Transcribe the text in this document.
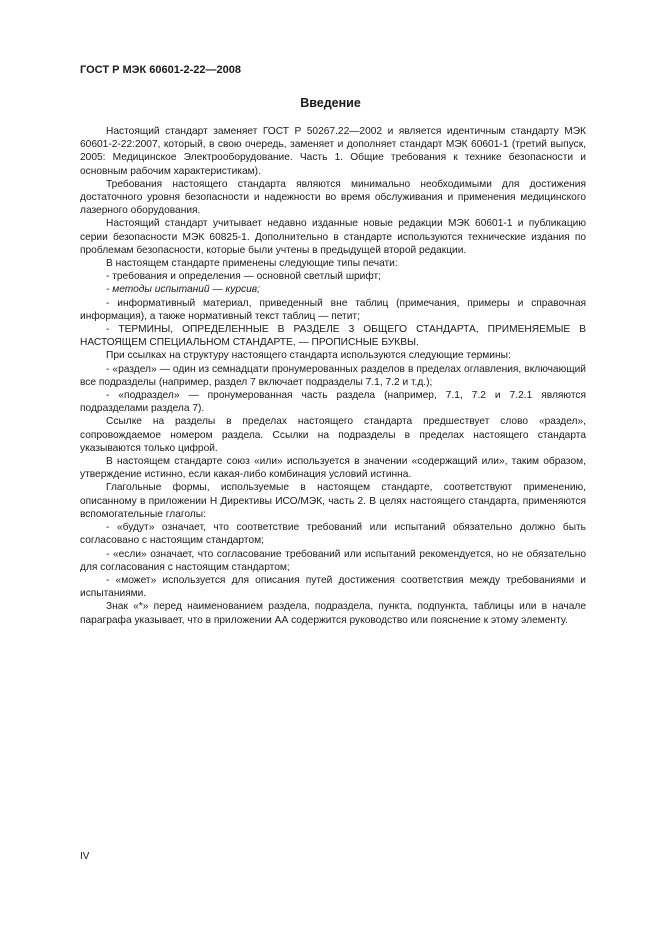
ГОСТ Р МЭК 60601-2-22—2008
Введение

Настоящий стандарт заменяет ГОСТ Р 50267.22—2002 и является идентичным стандарту МЭК 60601-2-22:2007, который, в свою очередь, заменяет и дополняет стандарт МЭК 60601-1 (третий выпуск, 2005: Медицинское Электрооборудование. Часть 1. Общие требования к технике безопасности и основным рабочим характеристикам).

Требования настоящего стандарта являются минимально необходимыми для достижения достаточного уровня безопасности и надежности во время обслуживания и применения медицинского лазерного оборудования.

Настоящий стандарт учитывает недавно изданные новые редакции МЭК 60601-1 и публикацию серии безопасности МЭК 60825-1. Дополнительно в стандарте используются технические издания по проблемам безопасности, которые были учтены в предыдущей второй редакции.

В настоящем стандарте применены следующие типы печати:

- требования и определения — основной светлый шрифт;

- методы испытаний — курсив;

- информативный материал, приведенный вне таблиц (примечания, примеры и справочная информация), а также нормативный текст таблиц — петит;

- ТЕРМИНЫ, ОПРЕДЕЛЕННЫЕ В РАЗДЕЛЕ 3 ОБЩЕГО СТАНДАРТА, ПРИМЕНЯЕМЫЕ В НАСТОЯЩЕМ СПЕЦИАЛЬНОМ СТАНДАРТЕ, — ПРОПИСНЫЕ БУКВЫ.

При ссылках на структуру настоящего стандарта используются следующие термины:

- «раздел» — один из семнадцати пронумерованных разделов в пределах оглавления, включающий все подразделы (например, раздел 7 включает подразделы 7.1, 7.2 и т.д.);

- «подраздел» — пронумерованная часть раздела (например, 7.1, 7.2 и 7.2.1 являются подразделами раздела 7).

Ссылке на разделы в пределах настоящего стандарта предшествует слово «раздел», сопровождаемое номером раздела. Ссылки на подразделы в пределах настоящего стандарта указываются только цифрой.

В настоящем стандарте союз «или» используется в значении «содержащий или», таким образом, утверждение истинно, если какая-либо комбинация условий истинна.

Глагольные формы, используемые в настоящем стандарте, соответствуют применению, описанному в приложении Н Директивы ИСО/МЭК, часть 2. В целях настоящего стандарта, применяются вспомогательные глаголы:

- «будут» означает, что соответствие требований или испытаний обязательно должно быть согласовано с настоящим стандартом;

- «если» означает, что согласование требований или испытаний рекомендуется, но не обязательно для согласования с настоящим стандартом;

- «может» используется для описания путей достижения соответствия между требованиями и испытаниями.

Знак «*» перед наименованием раздела, подраздела, пункта, подпункта, таблицы или в начале параграфа указывает, что в приложении АА содержится руководство или пояснение к этому элементу.

IV
